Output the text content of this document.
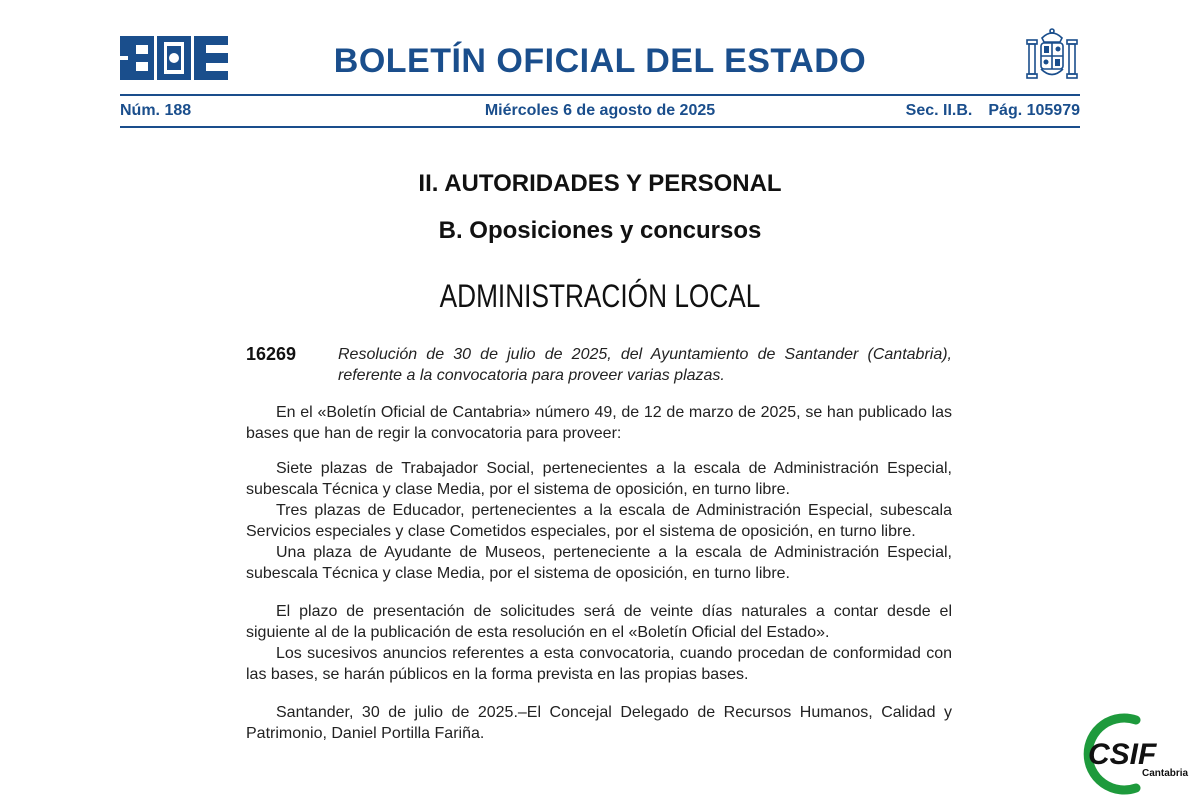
BOLETÍN OFICIAL DEL ESTADO
Núm. 188	Miércoles 6 de agosto de 2025	Sec. II.B. Pág. 105979
II. AUTORIDADES Y PERSONAL
B. Oposiciones y concursos
ADMINISTRACIÓN LOCAL
16269	Resolución de 30 de julio de 2025, del Ayuntamiento de Santander (Cantabria), referente a la convocatoria para proveer varias plazas.

En el «Boletín Oficial de Cantabria» número 49, de 12 de marzo de 2025, se han publicado las bases que han de regir la convocatoria para proveer:

Siete plazas de Trabajador Social, pertenecientes a la escala de Administración Especial, subescala Técnica y clase Media, por el sistema de oposición, en turno libre.

Tres plazas de Educador, pertenecientes a la escala de Administración Especial, subescala Servicios especiales y clase Cometidos especiales, por el sistema de oposición, en turno libre.

Una plaza de Ayudante de Museos, perteneciente a la escala de Administración Especial, subescala Técnica y clase Media, por el sistema de oposición, en turno libre.

El plazo de presentación de solicitudes será de veinte días naturales a contar desde el siguiente al de la publicación de esta resolución en el «Boletín Oficial del Estado».

Los sucesivos anuncios referentes a esta convocatoria, cuando procedan de conformidad con las bases, se harán públicos en la forma prevista en las propias bases.

Santander, 30 de julio de 2025.–El Concejal Delegado de Recursos Humanos, Calidad y Patrimonio, Daniel Portilla Fariña.

CSIF
Cantabria
